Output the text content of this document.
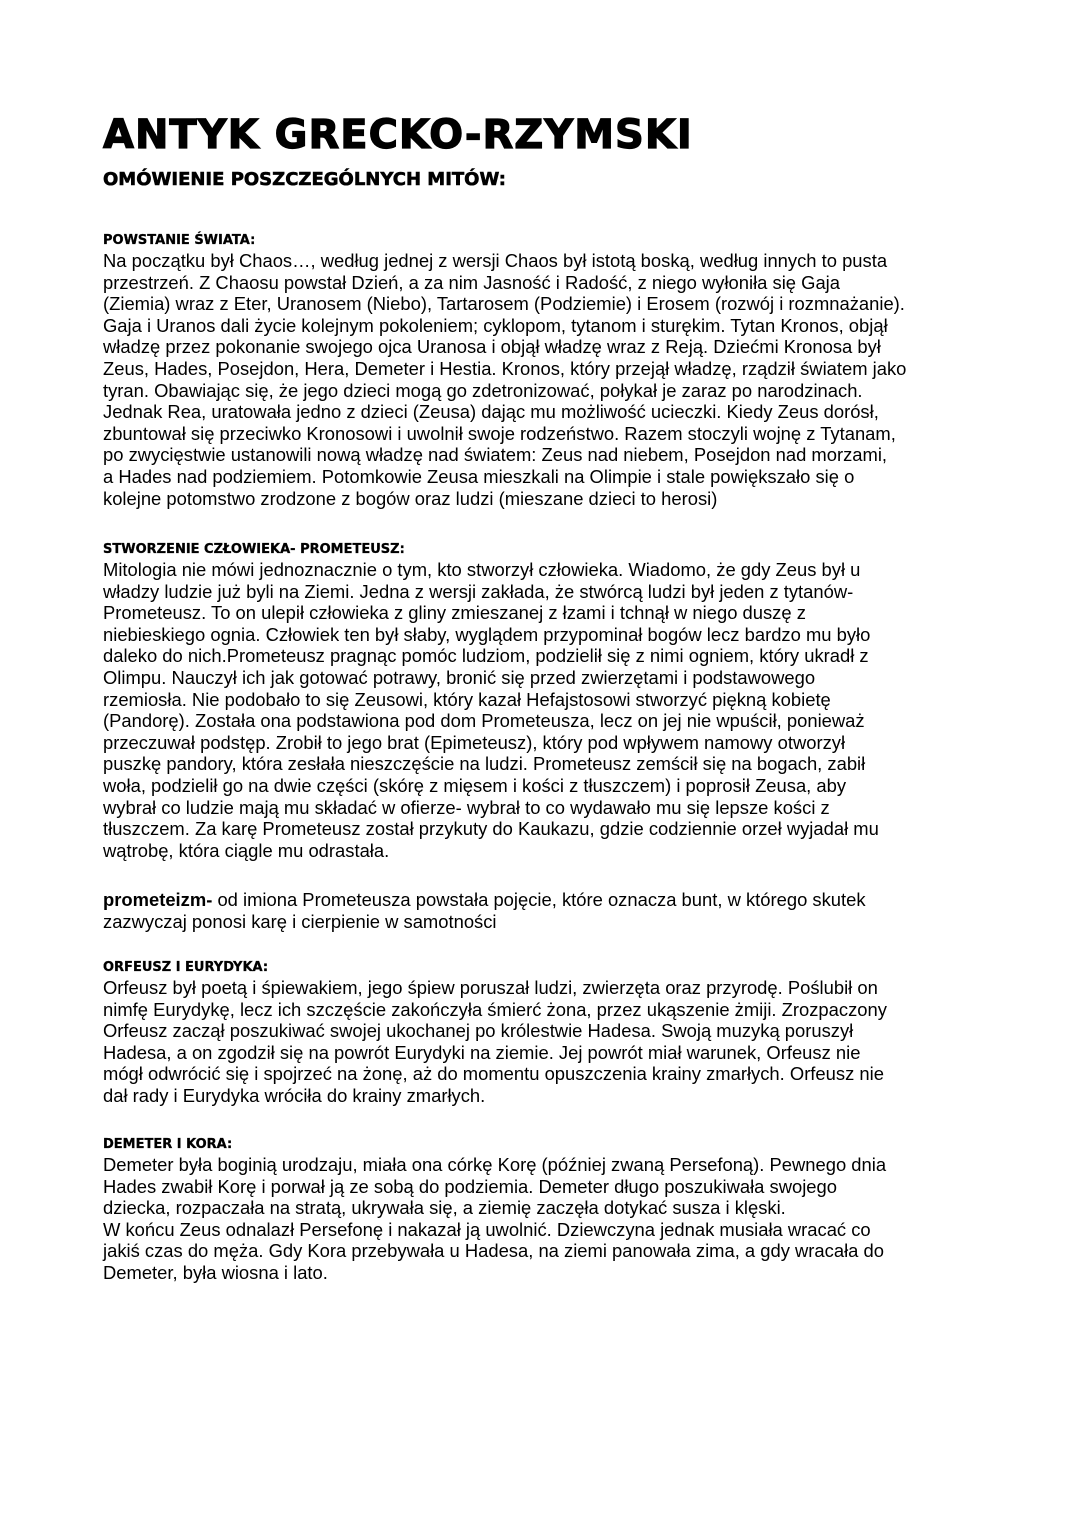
ANTYK GRECKO-RZYMSKI
OMÓWIENIE POSZCZEGÓLNYCH MITÓW:
POWSTANIE ŚWIATA:

Na początku był Chaos…, według jednej z wersji Chaos był istotą boską, według innych to pusta
przestrzeń. Z Chaosu powstał Dzień, a za nim Jasność i Radość, z niego wyłoniła się Gaja
(Ziemia) wraz z Eter, Uranosem (Niebo), Tartarosem (Podziemie) i Erosem (rozwój i rozmnażanie).
Gaja i Uranos dali życie kolejnym pokoleniem; cyklopom, tytanom i sturękim. Tytan Kronos, objął
władzę przez pokonanie swojego ojca Uranosa i objął władzę wraz z Reją. Dziećmi Kronosa był
Zeus, Hades, Posejdon, Hera, Demeter i Hestia. Kronos, który przejął władzę, rządził światem jako
tyran. Obawiając się, że jego dzieci mogą go zdetronizować, połykał je zaraz po narodzinach.
Jednak Rea, uratowała jedno z dzieci (Zeusa) dając mu możliwość ucieczki. Kiedy Zeus dorósł,
zbuntował się przeciwko Kronosowi i uwolnił swoje rodzeństwo. Razem stoczyli wojnę z Tytanam,
po zwycięstwie ustanowili nową władzę nad światem: Zeus nad niebem, Posejdon nad morzami,
a Hades nad podziemiem. Potomkowie Zeusa mieszkali na Olimpie i stale powiększało się o
kolejne potomstwo zrodzone z bogów oraz ludzi (mieszane dzieci to herosi)

STWORZENIE CZŁOWIEKA- PROMETEUSZ:

Mitologia nie mówi jednoznacznie o tym, kto stworzył człowieka. Wiadomo, że gdy Zeus był u
władzy ludzie już byli na Ziemi. Jedna z wersji zakłada, że stwórcą ludzi był jeden z tytanów-
Prometeusz. To on ulepił człowieka z gliny zmieszanej z łzami i tchnął w niego duszę z
niebieskiego ognia. Człowiek ten był słaby, wyglądem przypominał bogów lecz bardzo mu było
daleko do nich.Prometeusz pragnąc pomóc ludziom, podzielił się z nimi ogniem, który ukradł z
Olimpu. Nauczył ich jak gotować potrawy, bronić się przed zwierzętami i podstawowego
rzemiosła. Nie podobało to się Zeusowi, który kazał Hefajstosowi stworzyć piękną kobietę
(Pandorę). Została ona podstawiona pod dom Prometeusza, lecz on jej nie wpuścił, ponieważ
przeczuwał podstęp. Zrobił to jego brat (Epimeteusz), który pod wpływem namowy otworzył
puszkę pandory, która zesłała nieszczęście na ludzi. Prometeusz zemścił się na bogach, zabił
woła, podzielił go na dwie części (skórę z mięsem i kości z tłuszczem) i poprosił Zeusa, aby
wybrał co ludzie mają mu składać w ofierze- wybrał to co wydawało mu się lepsze kości z
tłuszczem. Za karę Prometeusz został przykuty do Kaukazu, gdzie codziennie orzeł wyjadał mu
wątrobę, która ciągle mu odrastała.

prometeizm- od imiona Prometeusza powstała pojęcie, które oznacza bunt, w którego skutek
zazwyczaj ponosi karę i cierpienie w samotności

ORFEUSZ I EURYDYKA:

Orfeusz był poetą i śpiewakiem, jego śpiew poruszał ludzi, zwierzęta oraz przyrodę. Poślubił on
nimfę Eurydykę, lecz ich szczęście zakończyła śmierć żona, przez ukąszenie żmiji. Zrozpaczony
Orfeusz zaczął poszukiwać swojej ukochanej po królestwie Hadesa. Swoją muzyką poruszył
Hadesa, a on zgodził się na powrót Eurydyki na ziemie. Jej powrót miał warunek, Orfeusz nie
mógł odwrócić się i spojrzeć na żonę, aż do momentu opuszczenia krainy zmarłych. Orfeusz nie
dał rady i Eurydyka wróciła do krainy zmarłych.

DEMETER I KORA:

Demeter była boginią urodzaju, miała ona córkę Korę (później zwaną Persefoną). Pewnego dnia
Hades zwabił Korę i porwał ją ze sobą do podziemia. Demeter długo poszukiwała swojego
dziecka, rozpaczała na stratą, ukrywała się, a ziemię zaczęła dotykać susza i klęski.
W końcu Zeus odnalazł Persefonę i nakazał ją uwolnić. Dziewczyna jednak musiała wracać co
jakiś czas do męża. Gdy Kora przebywała u Hadesa, na ziemi panowała zima, a gdy wracała do
Demeter, była wiosna i lato.
